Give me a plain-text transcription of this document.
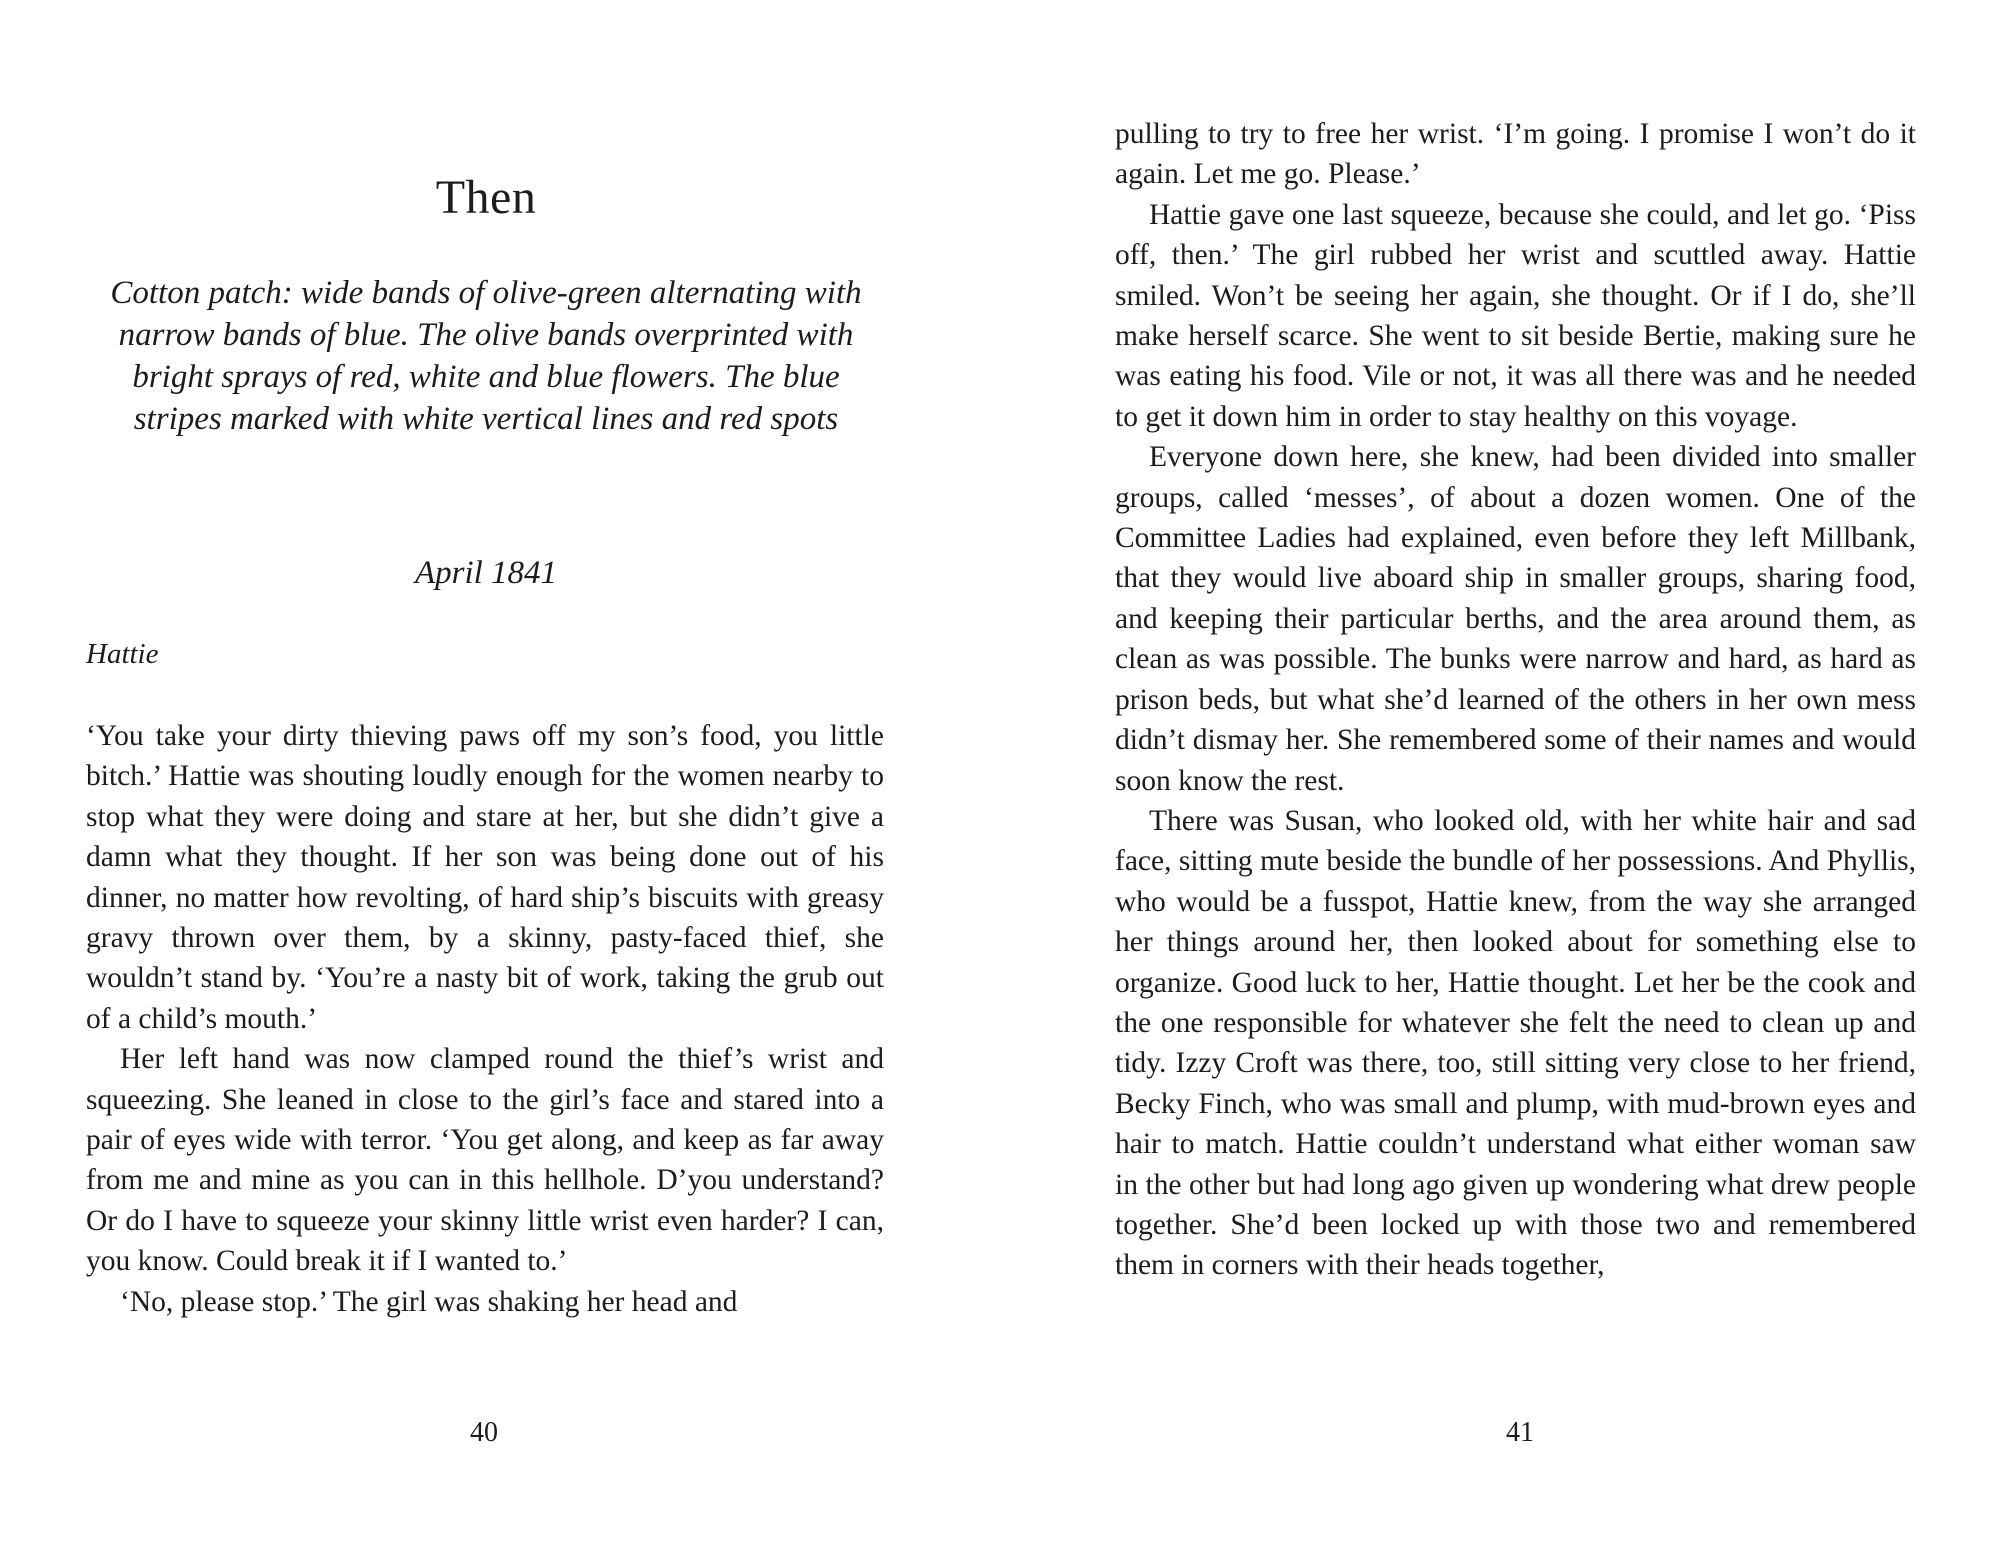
Then

Cotton patch: wide bands of olive-green alternating with narrow bands of blue. The olive bands overprinted with bright sprays of red, white and blue flowers. The blue stripes marked with white vertical lines and red spots

April 1841

Hattie

‘You take your dirty thieving paws off my son’s food, you little bitch.’ Hattie was shouting loudly enough for the women nearby to stop what they were doing and stare at her, but she didn’t give a damn what they thought. If her son was being done out of his dinner, no matter how revolting, of hard ship’s biscuits with greasy gravy thrown over them, by a skinny, pasty-faced thief, she wouldn’t stand by. ‘You’re a nasty bit of work, taking the grub out of a child’s mouth.’

Her left hand was now clamped round the thief’s wrist and squeezing. She leaned in close to the girl’s face and stared into a pair of eyes wide with terror. ‘You get along, and keep as far away from me and mine as you can in this hellhole. D’you understand? Or do I have to squeeze your skinny little wrist even harder? I can, you know. Could break it if I wanted to.’

‘No, please stop.’ The girl was shaking her head and

40

pulling to try to free her wrist. ‘I’m going. I promise I won’t do it again. Let me go. Please.’

Hattie gave one last squeeze, because she could, and let go. ‘Piss off, then.’ The girl rubbed her wrist and scuttled away. Hattie smiled. Won’t be seeing her again, she thought. Or if I do, she’ll make herself scarce. She went to sit beside Bertie, making sure he was eating his food. Vile or not, it was all there was and he needed to get it down him in order to stay healthy on this voyage.

Everyone down here, she knew, had been divided into smaller groups, called ‘messes’, of about a dozen women. One of the Committee Ladies had explained, even before they left Millbank, that they would live aboard ship in smaller groups, sharing food, and keeping their particular berths, and the area around them, as clean as was possible. The bunks were narrow and hard, as hard as prison beds, but what she’d learned of the others in her own mess didn’t dismay her. She remembered some of their names and would soon know the rest.

There was Susan, who looked old, with her white hair and sad face, sitting mute beside the bundle of her possessions. And Phyllis, who would be a fusspot, Hattie knew, from the way she arranged her things around her, then looked about for something else to organize. Good luck to her, Hattie thought. Let her be the cook and the one responsible for whatever she felt the need to clean up and tidy. Izzy Croft was there, too, still sitting very close to her friend, Becky Finch, who was small and plump, with mud-brown eyes and hair to match. Hattie couldn’t understand what either woman saw in the other but had long ago given up wondering what drew people together. She’d been locked up with those two and remembered them in corners with their heads together,

41
